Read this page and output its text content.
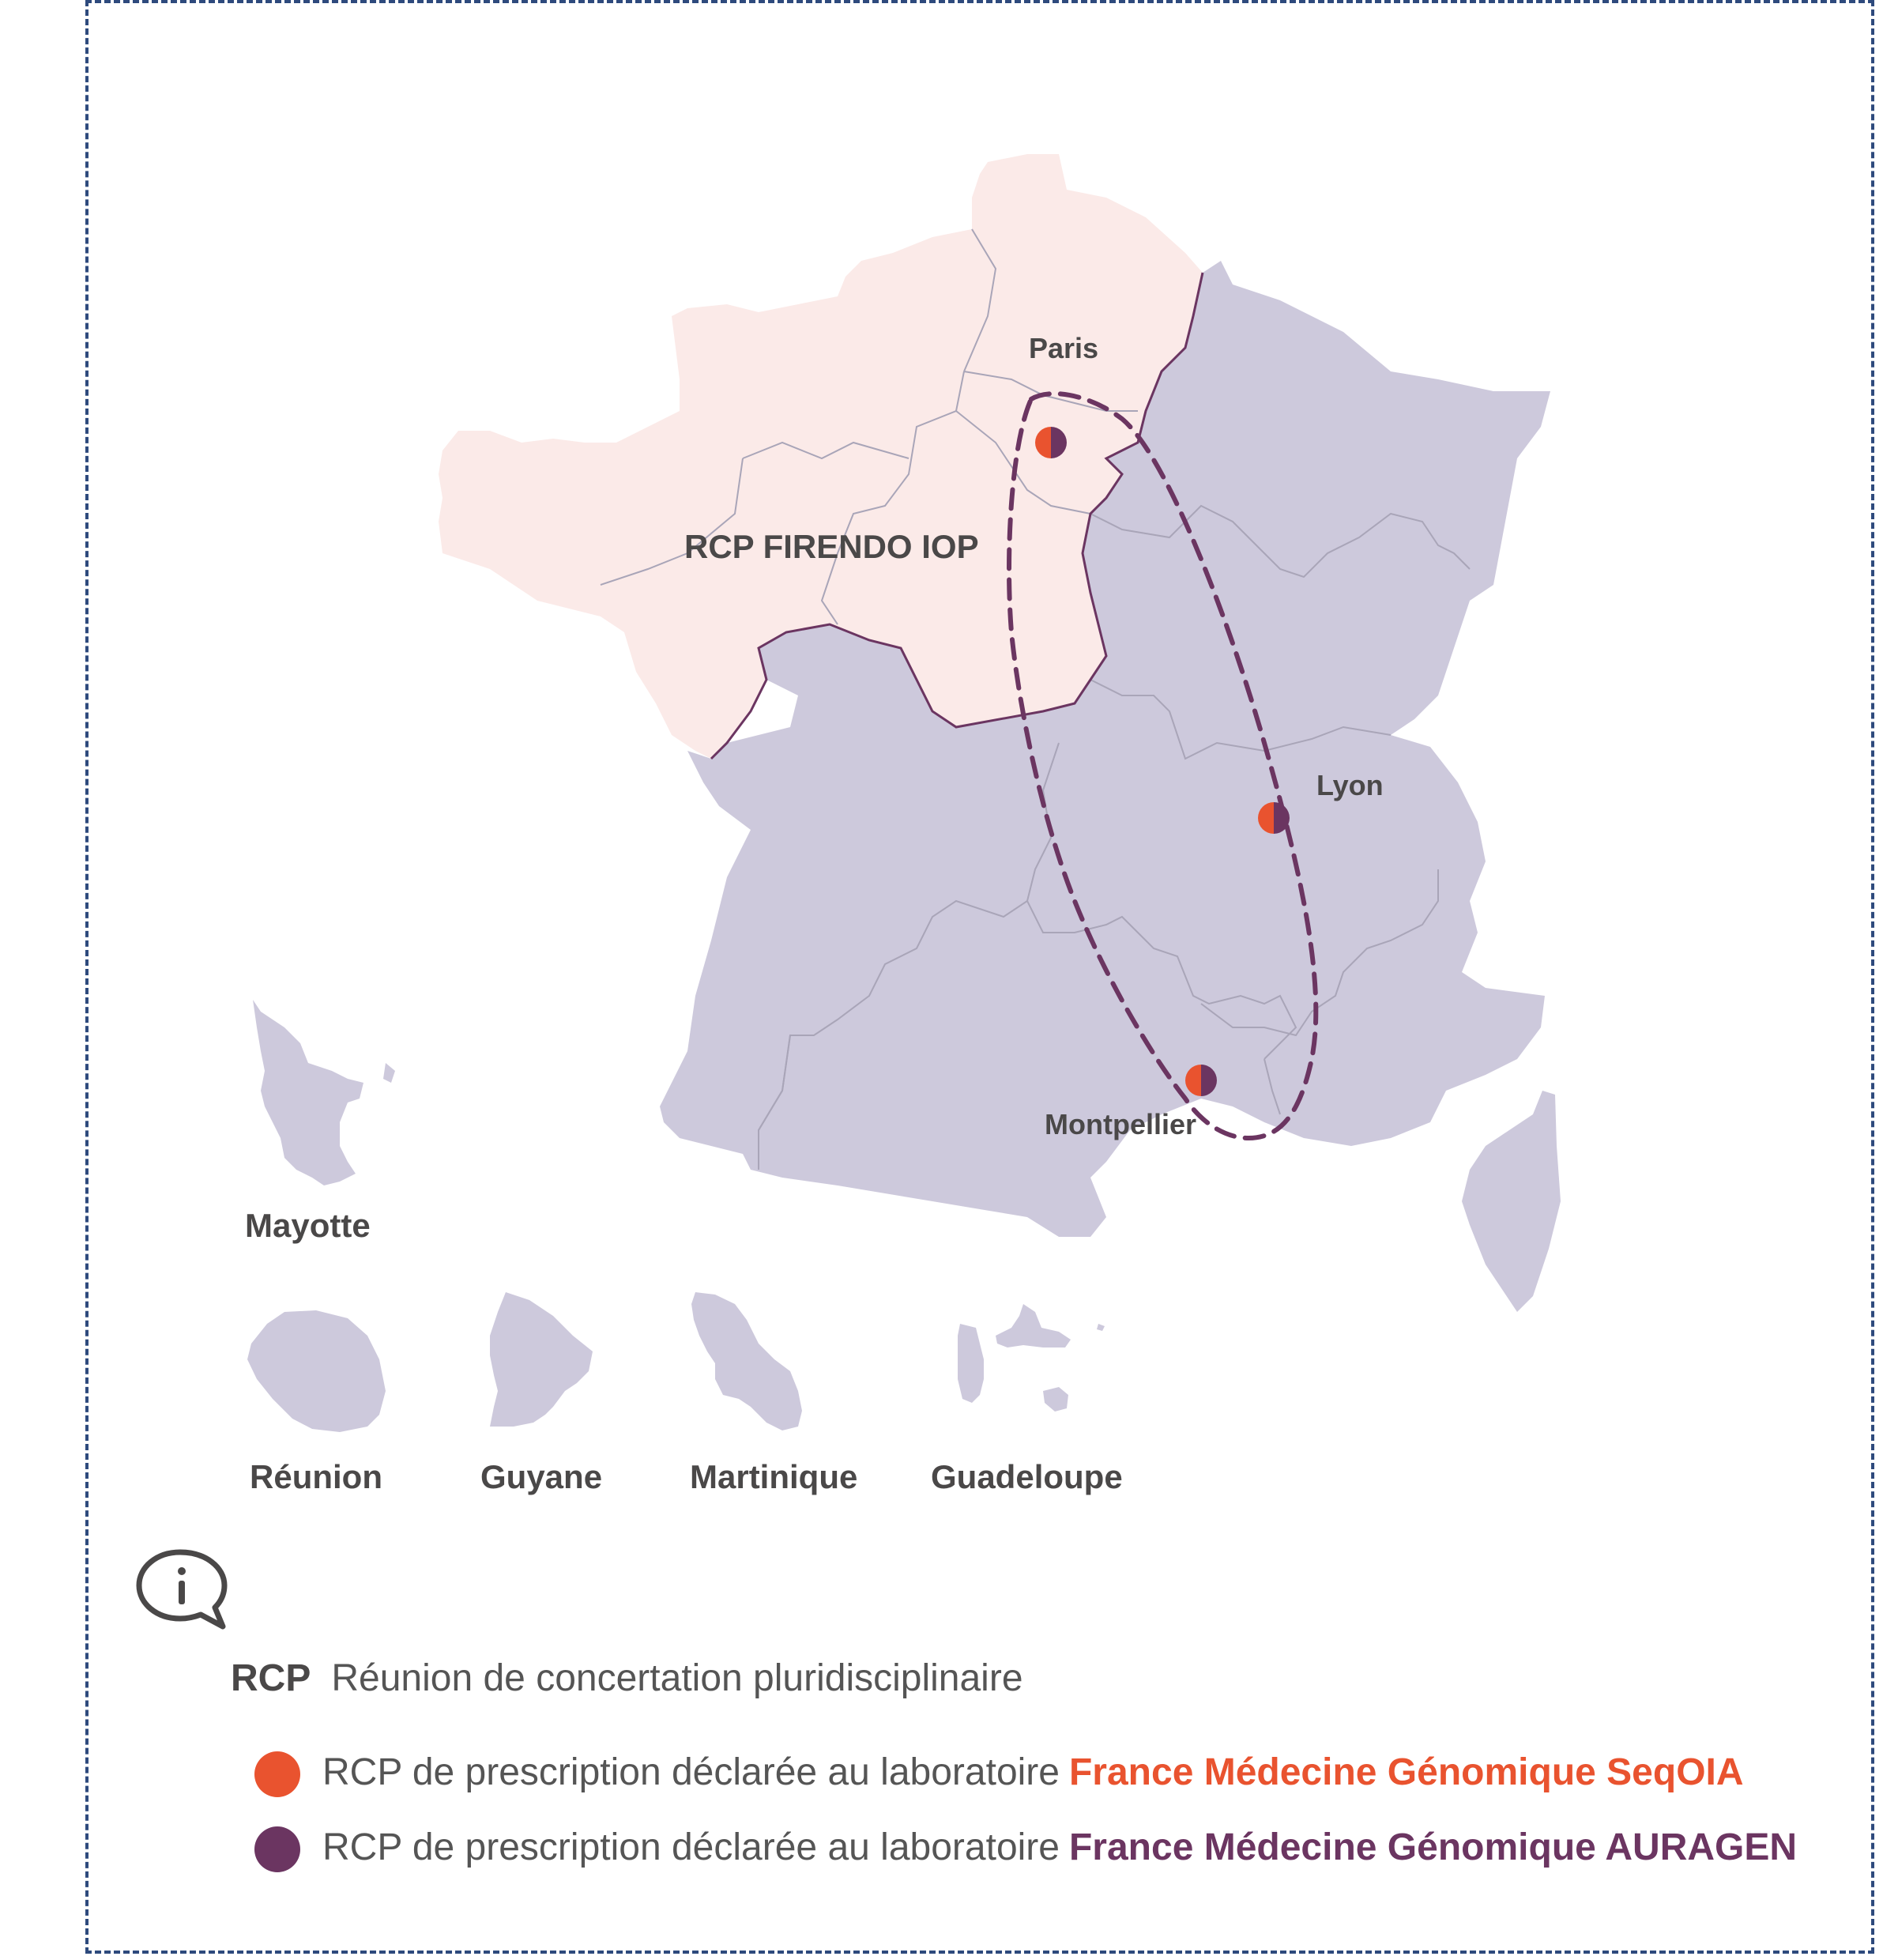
RCP FIRENDO IOP
Paris
Lyon
Montpellier
Mayotte
Réunion	Guyane	Martinique Guadeloupe
RCP Réunion de concertation pluridisciplinaire
RCP de prescription déclarée au laboratoire France Médecine Génomique SeqOIA
RCP de prescription déclarée au laboratoire France Médecine Génomique AURAGEN
